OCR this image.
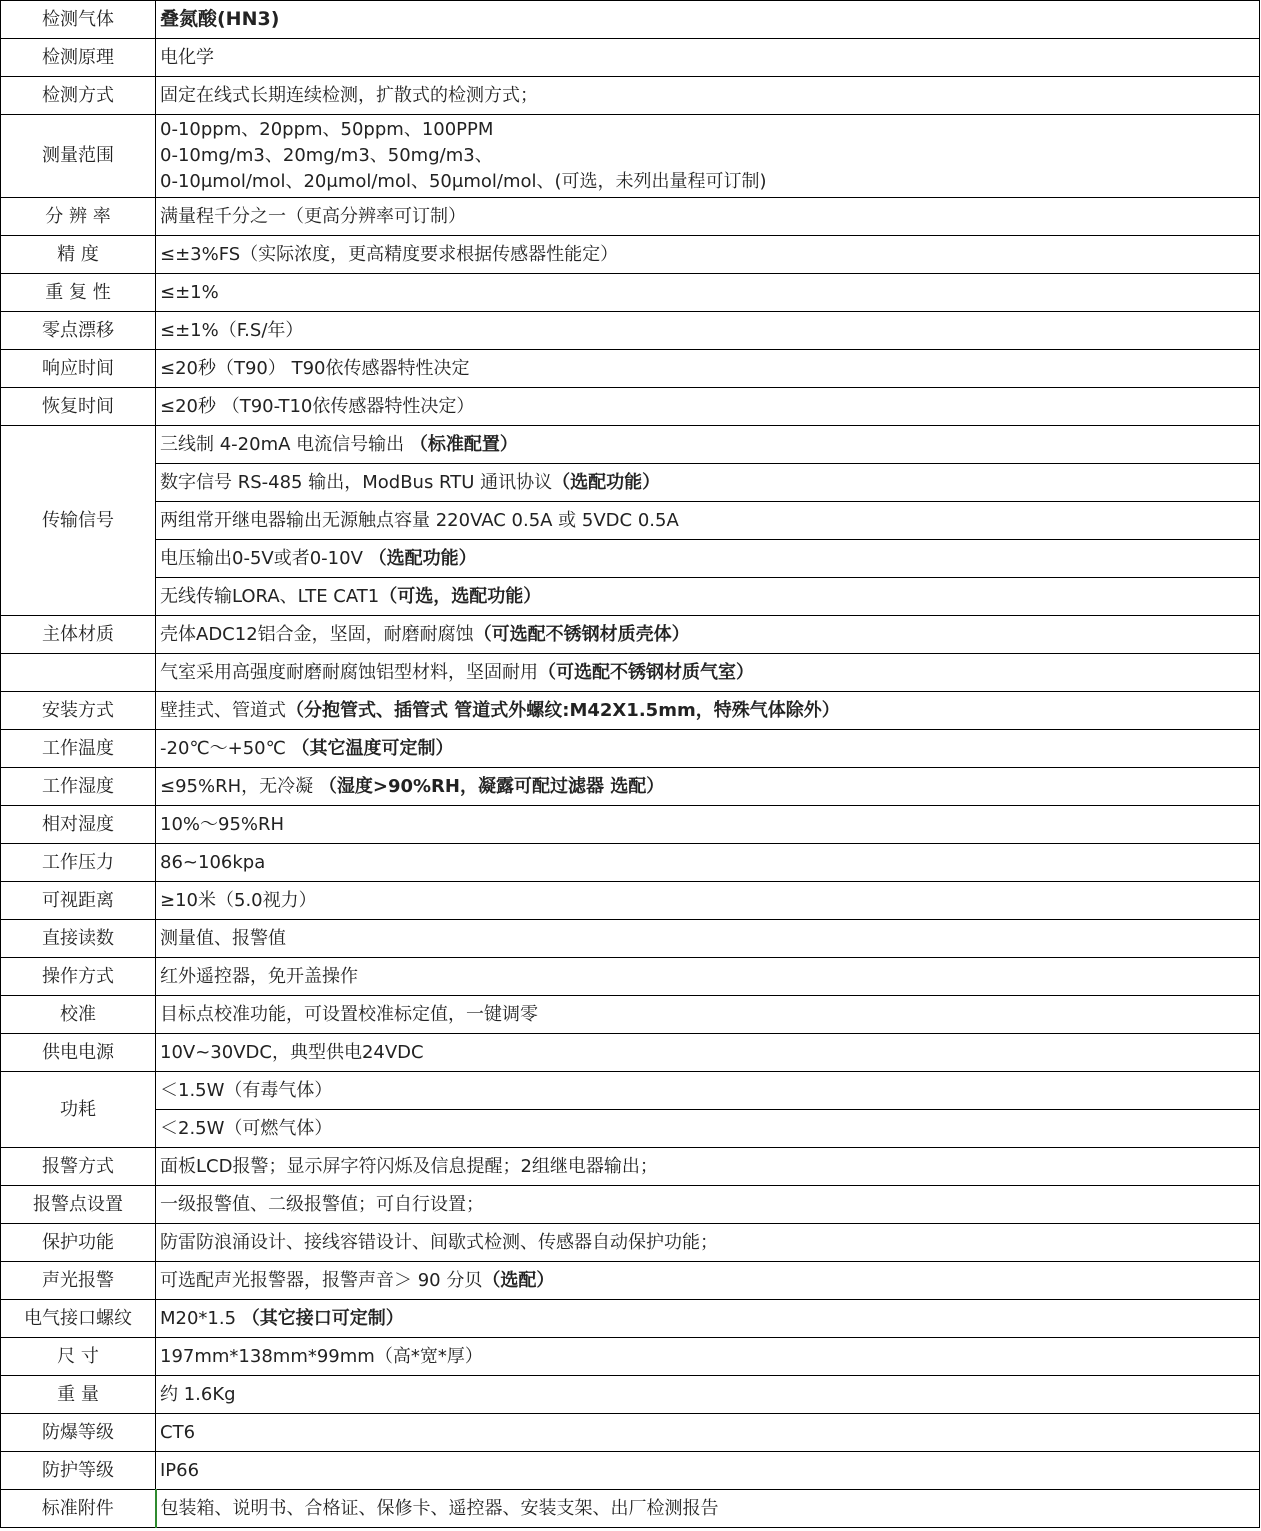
检测气体	叠氮酸(HN3)
检测原理	电化学
检测方式	固定在线式长期连续检测，扩散式的检测方式；
测量范围	0-10ppm、20ppm、50ppm、100PPM
0-10mg/m3、20mg/m3、50mg/m3、
0-10μmol/mol、20μmol/mol、50μmol/mol、(可选，未列出量程可订制)

分 辨 率	满量程千分之一（更高分辨率可订制）
精 度	≤±3%FS（实际浓度，更高精度要求根据传感器性能定）
重 复 性	≤±1%
零点漂移	≤±1%（F.S/年）
响应时间	≤20秒（T90） T90依传感器特性决定
恢复时间	≤20秒 （T90-T10依传感器特性决定）
传输信号	三线制 4-20mA 电流信号输出 （标准配置）
	数字信号 RS-485 输出，ModBus RTU 通讯协议（选配功能）
	两组常开继电器输出无源触点容量 220VAC 0.5A 或 5VDC 0.5A
	电压输出0-5V或者0-10V （选配功能）
	无线传输LORA、LTE CAT1（可选，选配功能）
主体材质	壳体ADC12铝合金，坚固，耐磨耐腐蚀（可选配不锈钢材质壳体）
	气室采用高强度耐磨耐腐蚀铝型材料，坚固耐用（可选配不锈钢材质气室）
安装方式	壁挂式、管道式（分抱管式、插管式 管道式外螺纹:M42X1.5mm，特殊气体除外）
工作温度	-20℃～+50℃ （其它温度可定制）
工作湿度	≤95%RH，无冷凝 （湿度>90%RH，凝露可配过滤器 选配）
相对湿度	10%～95%RH
工作压力	86~106kpa
可视距离	≥10米（5.0视力）
直接读数	测量值、报警值
操作方式	红外遥控器，免开盖操作
校准	目标点校准功能，可设置校准标定值，一键调零
供电电源	10V~30VDC，典型供电24VDC
功耗	＜1.5W（有毒气体）
	＜2.5W（可燃气体）
报警方式	面板LCD报警；显示屏字符闪烁及信息提醒；2组继电器输出；
报警点设置	一级报警值、二级报警值；可自行设置；
保护功能	防雷防浪涌设计、接线容错设计、间歇式检测、传感器自动保护功能；
声光报警	可选配声光报警器，报警声音＞ 90 分贝（选配）
电气接口螺纹	M20*1.5 （其它接口可定制）
尺 寸	197mm*138mm*99mm（高*宽*厚）
重 量	约 1.6Kg
防爆等级	CT6
防护等级	IP66
标准附件	包装箱、说明书、合格证、保修卡、遥控器、安装支架、出厂检测报告
